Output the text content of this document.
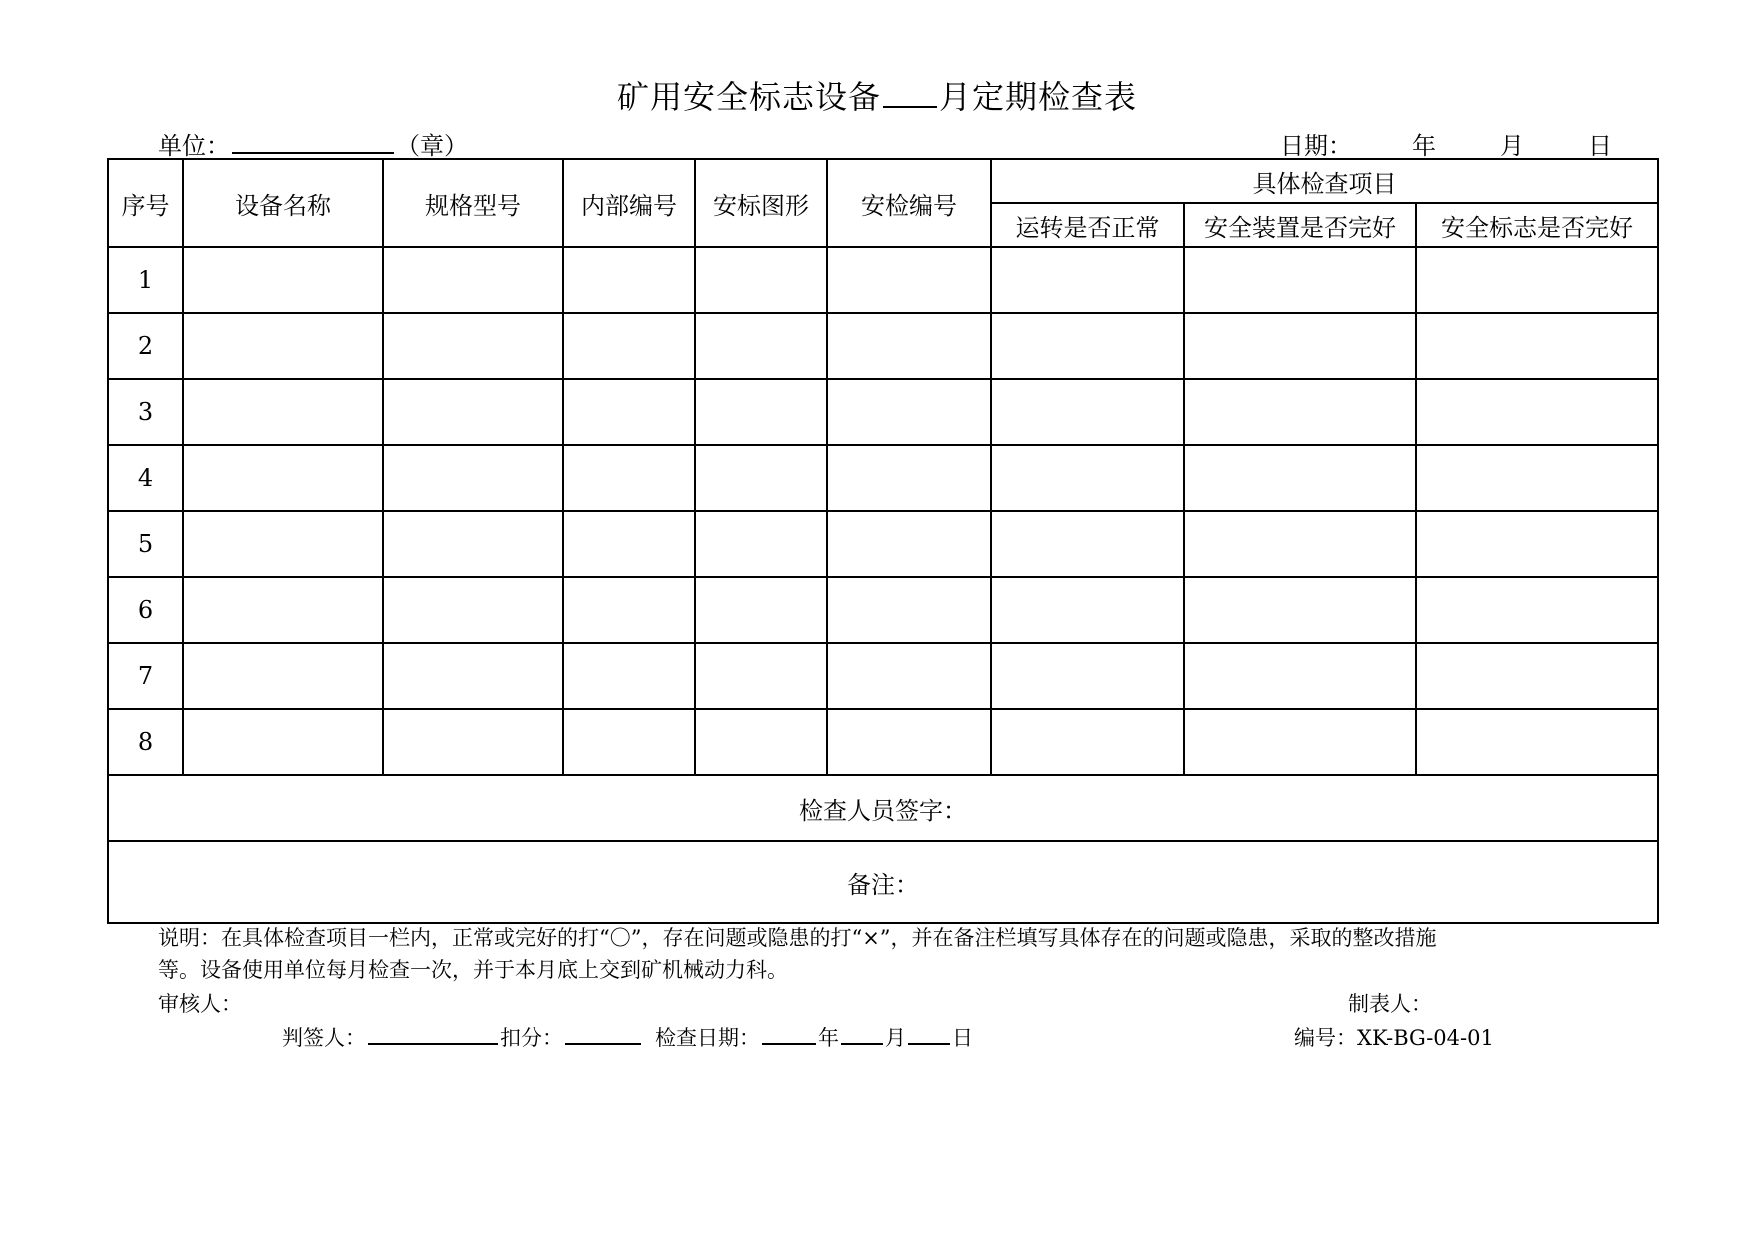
矿用安全标志设备 月定期检查表
单位：	（章）	日期：	年	月	日
序号	设备名称	规格型号	内部编号	安标图形	安检编号	具体检查项目		
						运转是否正常	安全装置是否完好	安全标志是否完好
1								
2								
3								
4								
5								
6								
7								
8								
检查人员签字：								
备注：								
说明：在具体检查项目一栏内，正常或完好的打“〇”，存在问题或隐患的打“×”，并在备注栏填写具体存在的问题或隐患，采取的整改措施
等。设备使用单位每月检查一次，并于本月底上交到矿机械动力科。
审核人：	制表人：
判签人：	扣分：	检查日期：	年 月 日	编号：XK-BG-04-01
